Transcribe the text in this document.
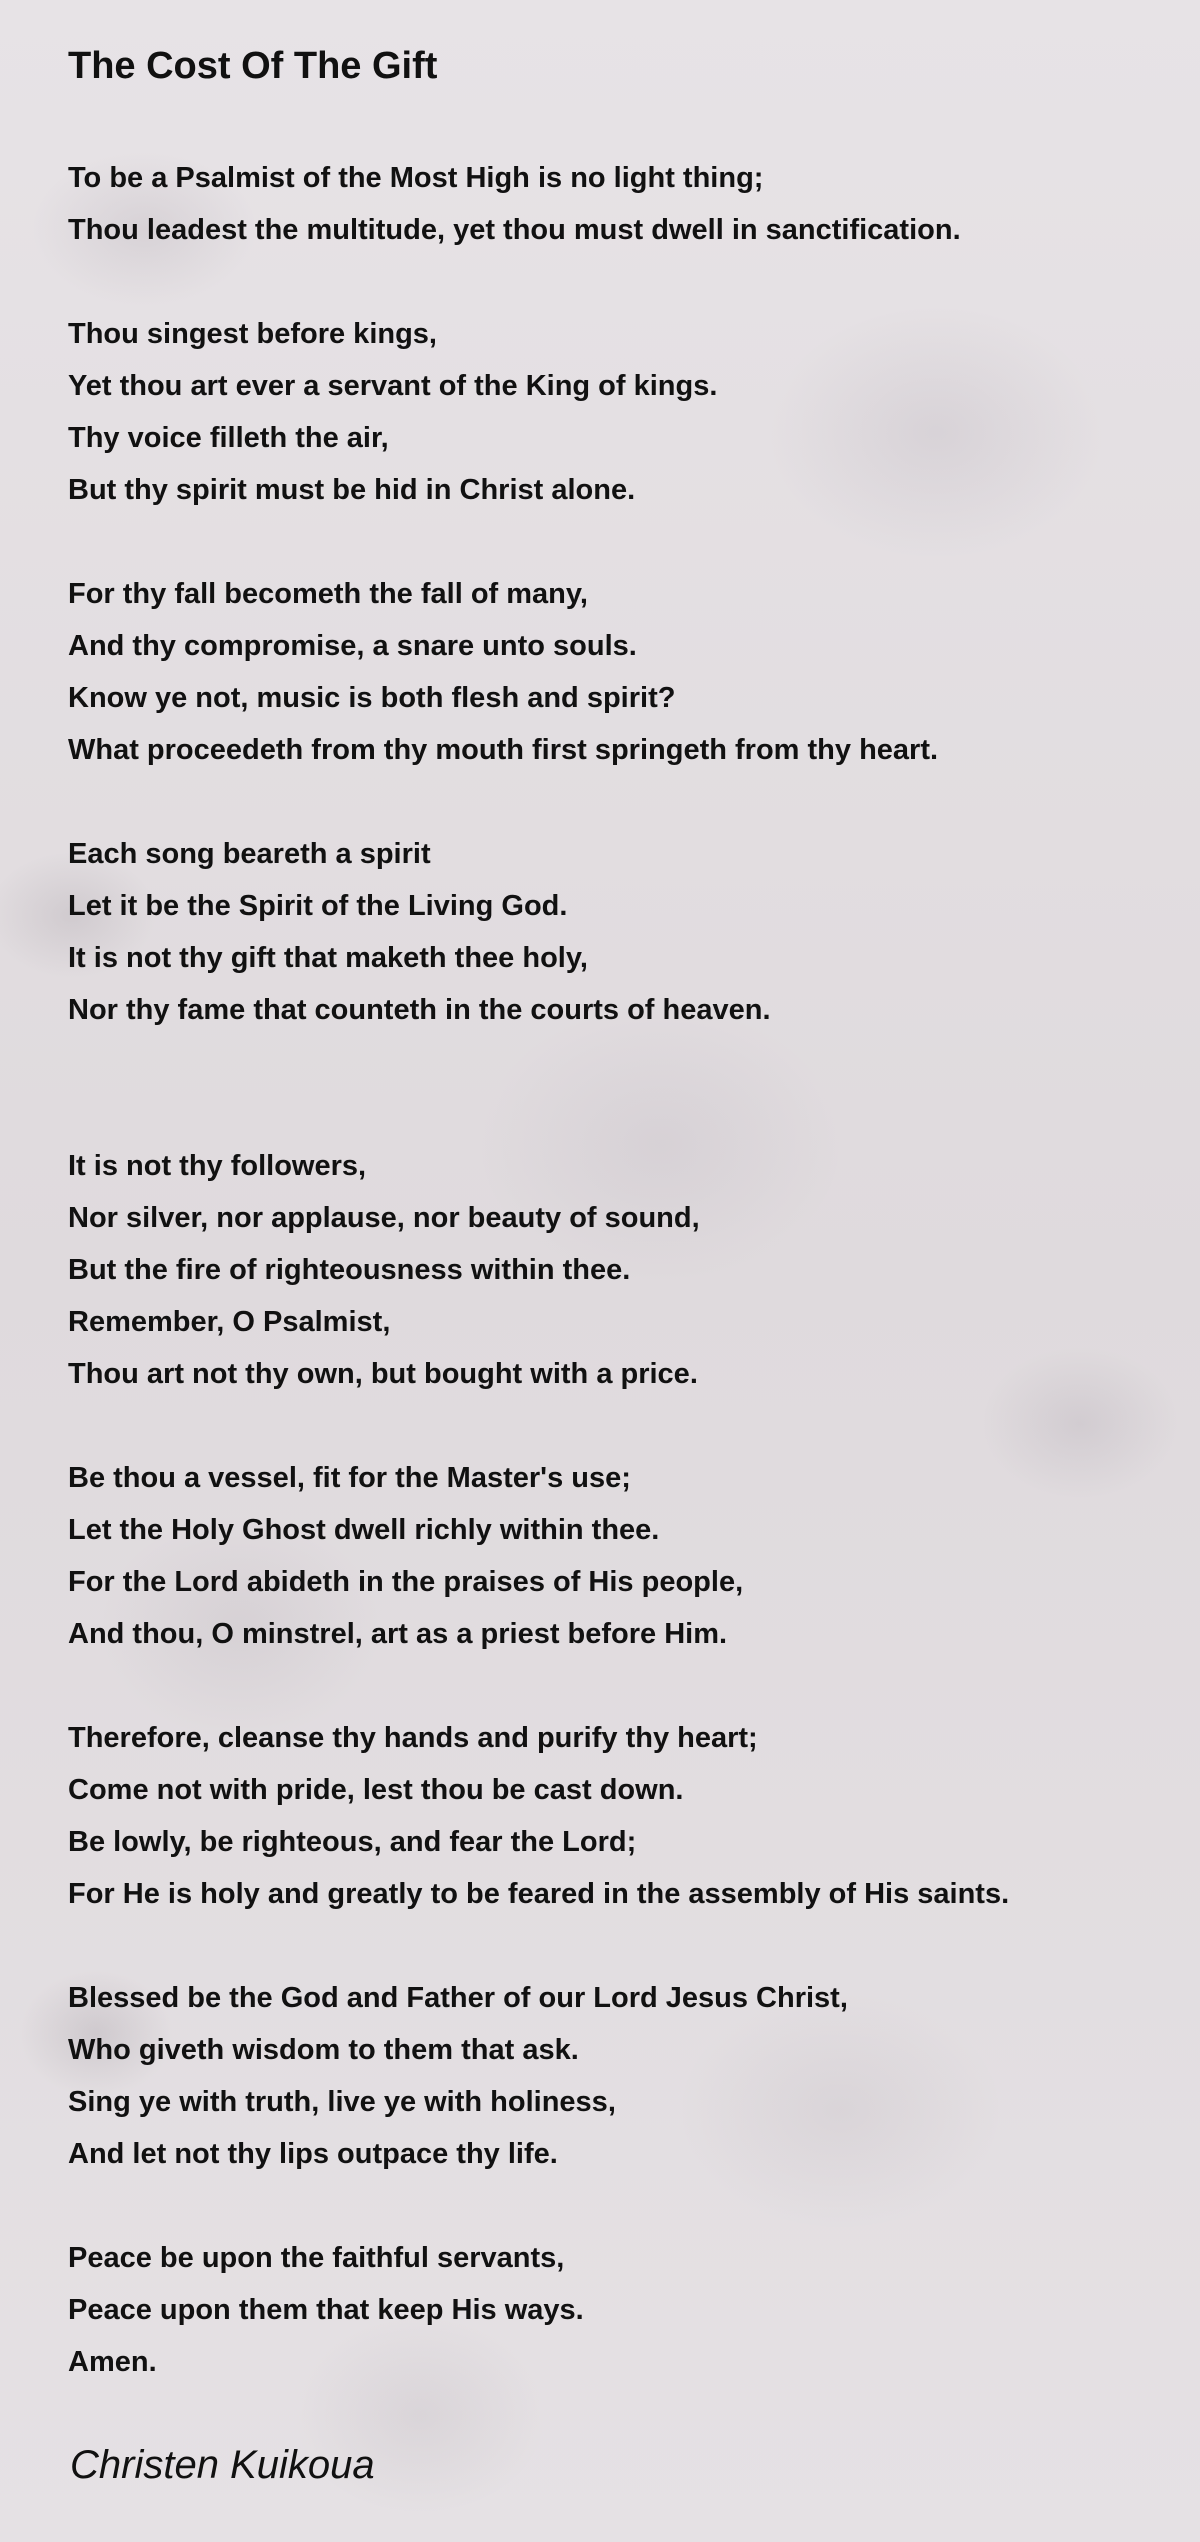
The Cost Of The Gift
To be a Psalmist of the Most High is no light thing;
Thou leadest the multitude, yet thou must dwell in sanctification.
Thou singest before kings,
Yet thou art ever a servant of the King of kings.
Thy voice filleth the air,
But thy spirit must be hid in Christ alone.
For thy fall becometh the fall of many,
And thy compromise, a snare unto souls.
Know ye not, music is both flesh and spirit?
What proceedeth from thy mouth first springeth from thy heart.
Each song beareth a spirit
Let it be the Spirit of the Living God.
It is not thy gift that maketh thee holy,
Nor thy fame that counteth in the courts of heaven.
It is not thy followers,
Nor silver, nor applause, nor beauty of sound,
But the fire of righteousness within thee.
Remember, O Psalmist,
Thou art not thy own, but bought with a price.
Be thou a vessel, fit for the Master's use;
Let the Holy Ghost dwell richly within thee.
For the Lord abideth in the praises of His people,
And thou, O minstrel, art as a priest before Him.
Therefore, cleanse thy hands and purify thy heart;
Come not with pride, lest thou be cast down.
Be lowly, be righteous, and fear the Lord;
For He is holy and greatly to be feared in the assembly of His saints.
Blessed be the God and Father of our Lord Jesus Christ,
Who giveth wisdom to them that ask.
Sing ye with truth, live ye with holiness,
And let not thy lips outpace thy life.
Peace be upon the faithful servants,
Peace upon them that keep His ways.
Amen.
Christen Kuikoua
